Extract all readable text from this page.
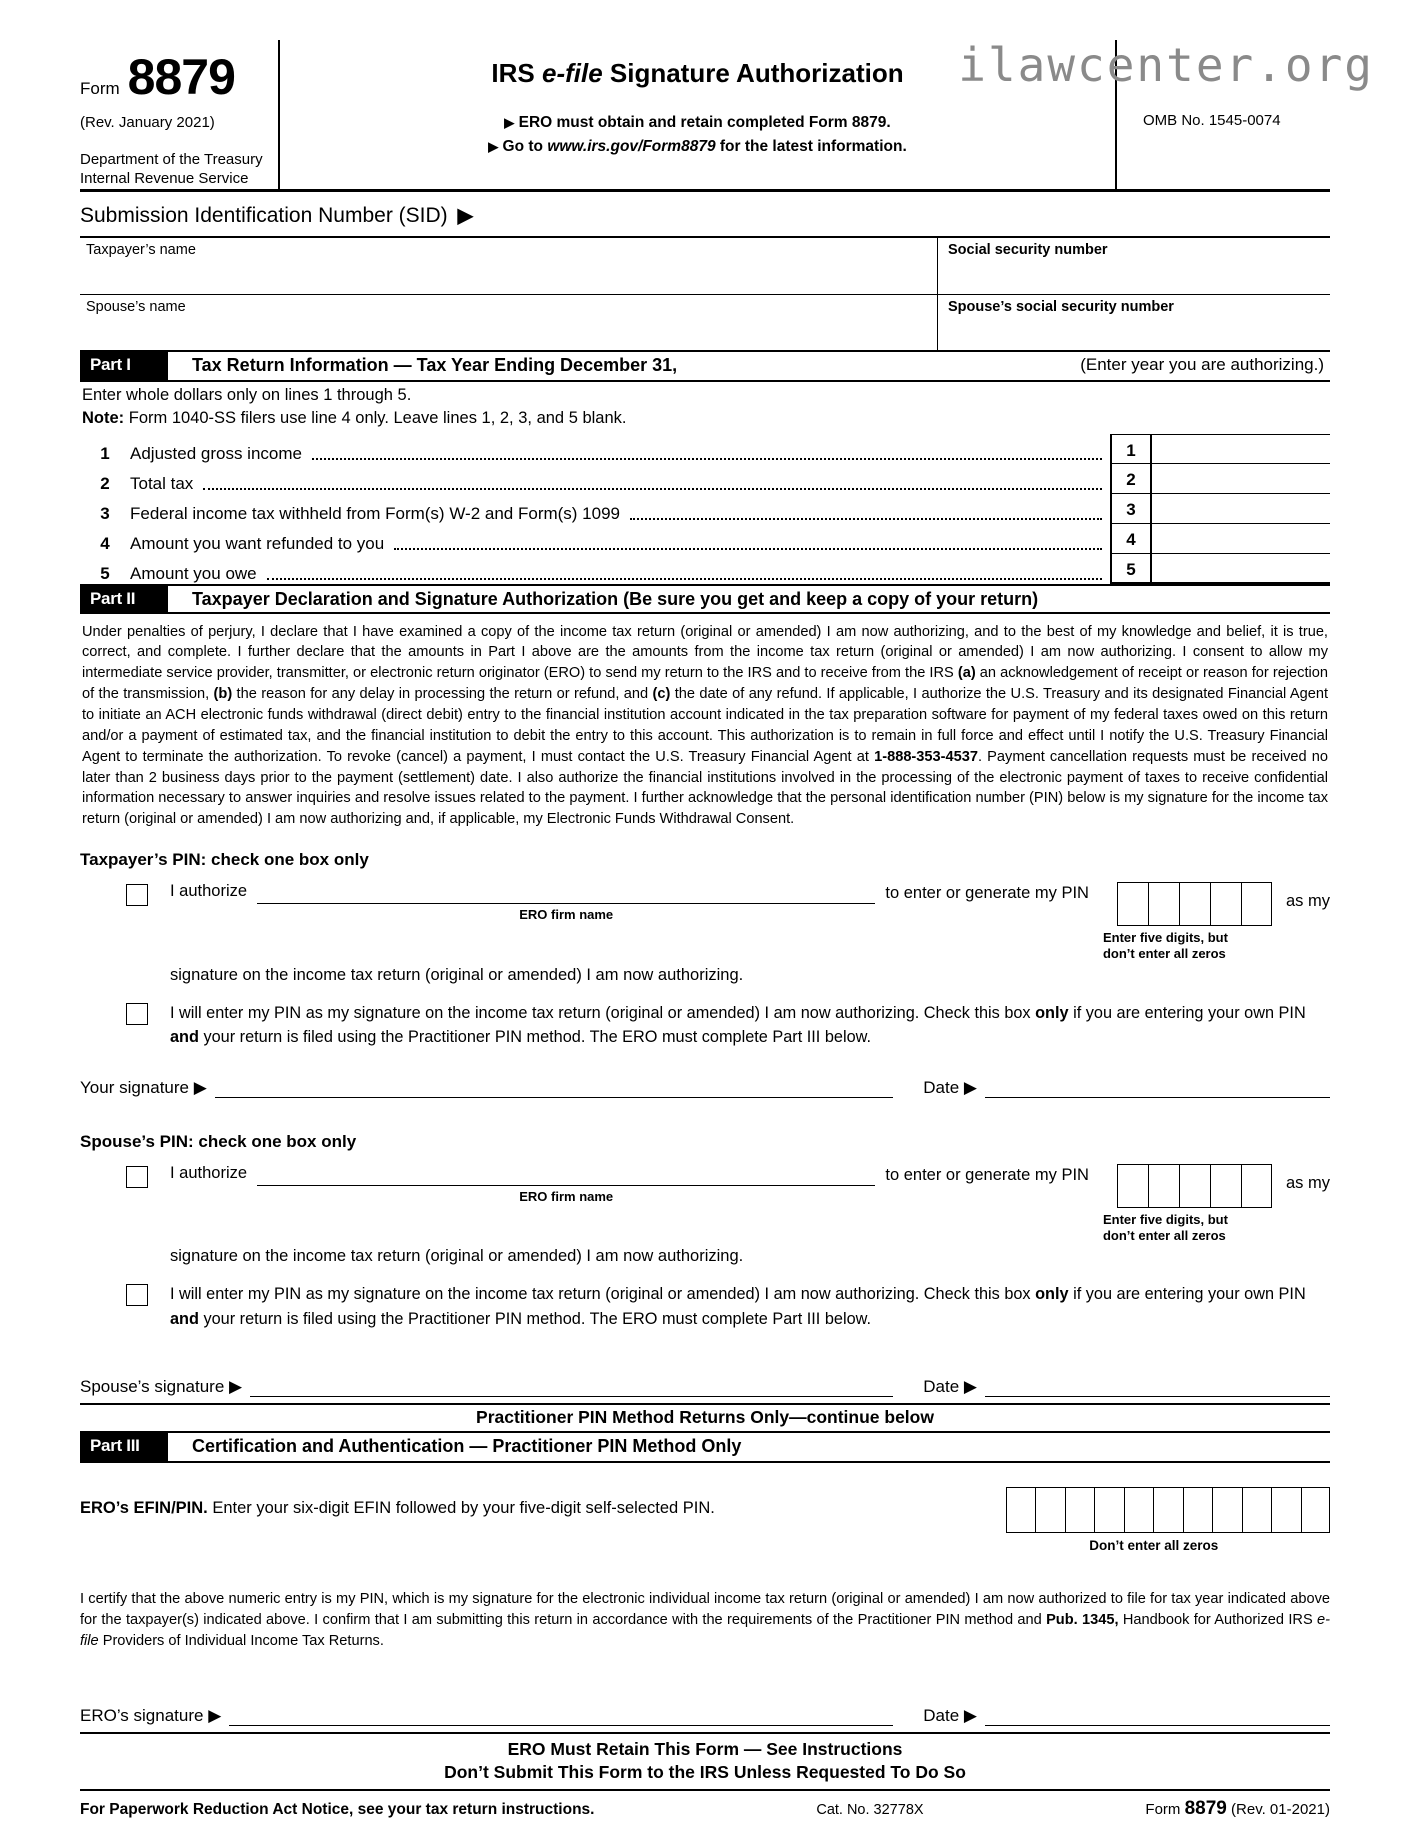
ilawcenter.org
Form 8879
(Rev. January 2021)
Department of the Treasury
Internal Revenue Service
IRS e-file Signature Authorization
▶ ERO must obtain and retain completed Form 8879.
▶ Go to www.irs.gov/Form8879 for the latest information.
OMB No. 1545-0074
Submission Identification Number (SID) ▶
Taxpayer’s name	Social security number
Spouse’s name	Spouse’s social security number
Part I	Tax Return Information — Tax Year Ending December 31,	(Enter year you are authorizing.)
Enter whole dollars only on lines 1 through 5.
Note: Form 1040-SS filers use line 4 only. Leave lines 1, 2, 3, and 5 blank.
1	Adjusted gross income	1
2	Total tax	2
3	Federal income tax withheld from Form(s) W-2 and Form(s) 1099	3
4	Amount you want refunded to you	4
5	Amount you owe	5
Part II	Taxpayer Declaration and Signature Authorization (Be sure you get and keep a copy of your return)
Under penalties of perjury, I declare that I have examined a copy of the income tax return (original or amended) I am now authorizing, and to the best of my knowledge and belief, it is true, correct, and complete. I further declare that the amounts in Part I above are the amounts from the income tax return (original or amended) I am now authorizing. I consent to allow my intermediate service provider, transmitter, or electronic return originator (ERO) to send my return to the IRS and to receive from the IRS (a) an acknowledgement of receipt or reason for rejection of the transmission, (b) the reason for any delay in processing the return or refund, and (c) the date of any refund. If applicable, I authorize the U.S. Treasury and its designated Financial Agent to initiate an ACH electronic funds withdrawal (direct debit) entry to the financial institution account indicated in the tax preparation software for payment of my federal taxes owed on this return and/or a payment of estimated tax, and the financial institution to debit the entry to this account. This authorization is to remain in full force and effect until I notify the U.S. Treasury Financial Agent to terminate the authorization. To revoke (cancel) a payment, I must contact the U.S. Treasury Financial Agent at 1-888-353-4537. Payment cancellation requests must be received no later than 2 business days prior to the payment (settlement) date. I also authorize the financial institutions involved in the processing of the electronic payment of taxes to receive confidential information necessary to answer inquiries and resolve issues related to the payment. I further acknowledge that the personal identification number (PIN) below is my signature for the income tax return (original or amended) I am now authorizing and, if applicable, my Electronic Funds Withdrawal Consent.
Taxpayer’s PIN: check one box only
I authorize
ERO firm name
to enter or generate my PIN
Enter five digits, but
don’t enter all zeros
as my
signature on the income tax return (original or amended) I am now authorizing.
I will enter my PIN as my signature on the income tax return (original or amended) I am now authorizing. Check this box only if you are entering your own PIN and your return is filed using the Practitioner PIN method. The ERO must complete Part III below.
Your signature ▶	Date ▶
Spouse’s PIN: check one box only
I authorize
ERO firm name
to enter or generate my PIN
Enter five digits, but
don’t enter all zeros
as my
signature on the income tax return (original or amended) I am now authorizing.
I will enter my PIN as my signature on the income tax return (original or amended) I am now authorizing. Check this box only if you are entering your own PIN and your return is filed using the Practitioner PIN method. The ERO must complete Part III below.
Spouse’s signature ▶	Date ▶
Practitioner PIN Method Returns Only—continue below
Part III	Certification and Authentication — Practitioner PIN Method Only
ERO’s EFIN/PIN. Enter your six-digit EFIN followed by your five-digit self-selected PIN.
Don’t enter all zeros
I certify that the above numeric entry is my PIN, which is my signature for the electronic individual income tax return (original or amended) I am now authorized to file for tax year indicated above for the taxpayer(s) indicated above. I confirm that I am submitting this return in accordance with the requirements of the Practitioner PIN method and Pub. 1345, Handbook for Authorized IRS e-file Providers of Individual Income Tax Returns.
ERO’s signature ▶	Date ▶
ERO Must Retain This Form — See Instructions
Don’t Submit This Form to the IRS Unless Requested To Do So
For Paperwork Reduction Act Notice, see your tax return instructions.	Cat. No. 32778X	Form 8879 (Rev. 01-2021)
